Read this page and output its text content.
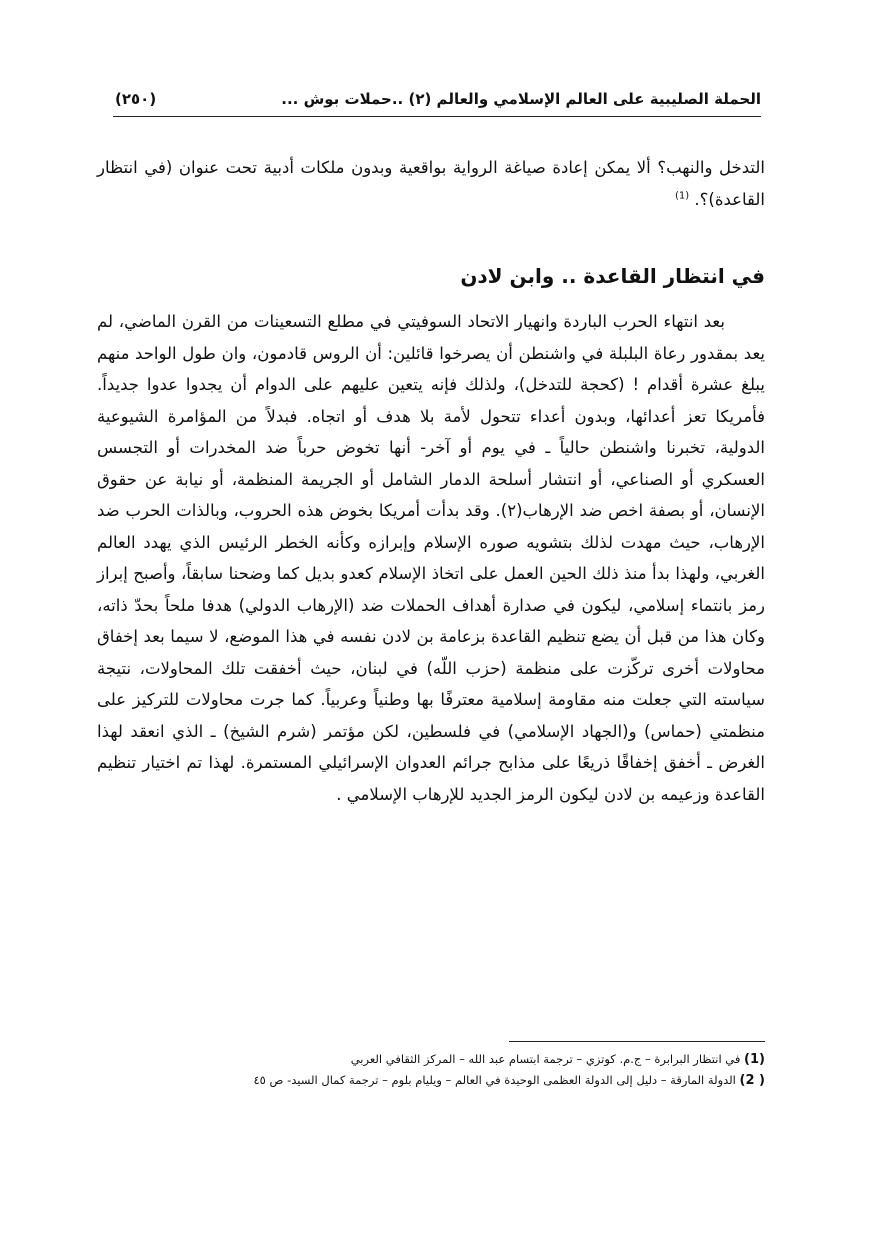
الحملة الصليبية على العالم الإسلامي والعالم (٢) ..حملات بوش ...
(٢٥٠)

التدخل والنهب؟ ألا يمكن إعادة صياغة الرواية بواقعية وبدون ملكات أدبية تحت عنوان (في انتظار القاعدة)؟. $^{(1)}$

في انتظار القاعدة .. وابن لادن

بعد انتهاء الحرب الباردة وانهيار الاتحاد السوفيتي في مطلع التسعينات من القرن الماضي، لم يعد بمقدور رعاة البلبلة في واشنطن أن يصرخوا قائلين: أن الروس قادمون، وان طول الواحد منهم يبلغ عشرة أقدام ! (كحجة للتدخل)، ولذلك فإنه يتعين عليهم على الدوام أن يجدوا عدوا جديداً. فأمريكا تعز أعدائها، وبدون أعداء تتحول لأمة بلا هدف أو اتجاه. فبدلاً من المؤامرة الشيوعية الدولية، تخبرنا واشنطن حالياً ـ في يوم أو آخر- أنها تخوض حرباً ضد المخدرات أو التجسس العسكري أو الصناعي، أو انتشار أسلحة الدمار الشامل أو الجريمة المنظمة، أو نيابة عن حقوق الإنسان، أو بصفة اخص ضد الإرهاب(٢). وقد بدأت أمريكا بخوض هذه الحروب، وبالذات الحرب ضد الإرهاب، حيث مهدت لذلك بتشويه صوره الإسلام وإبرازه وكأنه الخطر الرئيس الذي يهدد العالم الغربي، ولهذا بدأ منذ ذلك الحين العمل على اتخاذ الإسلام كعدو بديل كما وضحنا سابقاً، وأصبح إبراز رمز بانتماء إسلامي، ليكون في صدارة أهداف الحملات ضد (الإرهاب الدولي) هدفا ملحاً بحدّ ذاته، وكان هذا من قبل أن يضع تنظيم القاعدة بزعامة بن لادن نفسه في هذا الموضع، لا سيما بعد إخفاق محاولات أخرى تركّزت على منظمة (حزب اللّه) في لبنان، حيث أخفقت تلك المحاولات، نتيجة سياسته التي جعلت منه مقاومة إسلامية معترفًا بها وطنياً وعربياً. كما جرت محاولات للتركيز على منظمتي (حماس) و(الجهاد الإسلامي) في فلسطين، لكن مؤتمر (شرم الشيخ) ـ الذي انعقد لهذا الغرض ـ أخفق إخفاقًا ذريعًا على مذابح جرائم العدوان الإسرائيلي المستمرة. لهذا تم اختيار تنظيم القاعدة وزعيمه بن لادن ليكون الرمز الجديد للإرهاب الإسلامي .

(1) في انتظار البرابرة – ج.م. كوتزي – ترجمة ابتسام عبد الله – المركز الثقافي العربي

( 2) الدولة المارقة – دليل إلى الدولة العظمى الوحيدة في العالم – ويليام بلوم – ترجمة كمال السيد- ص ٤٥
